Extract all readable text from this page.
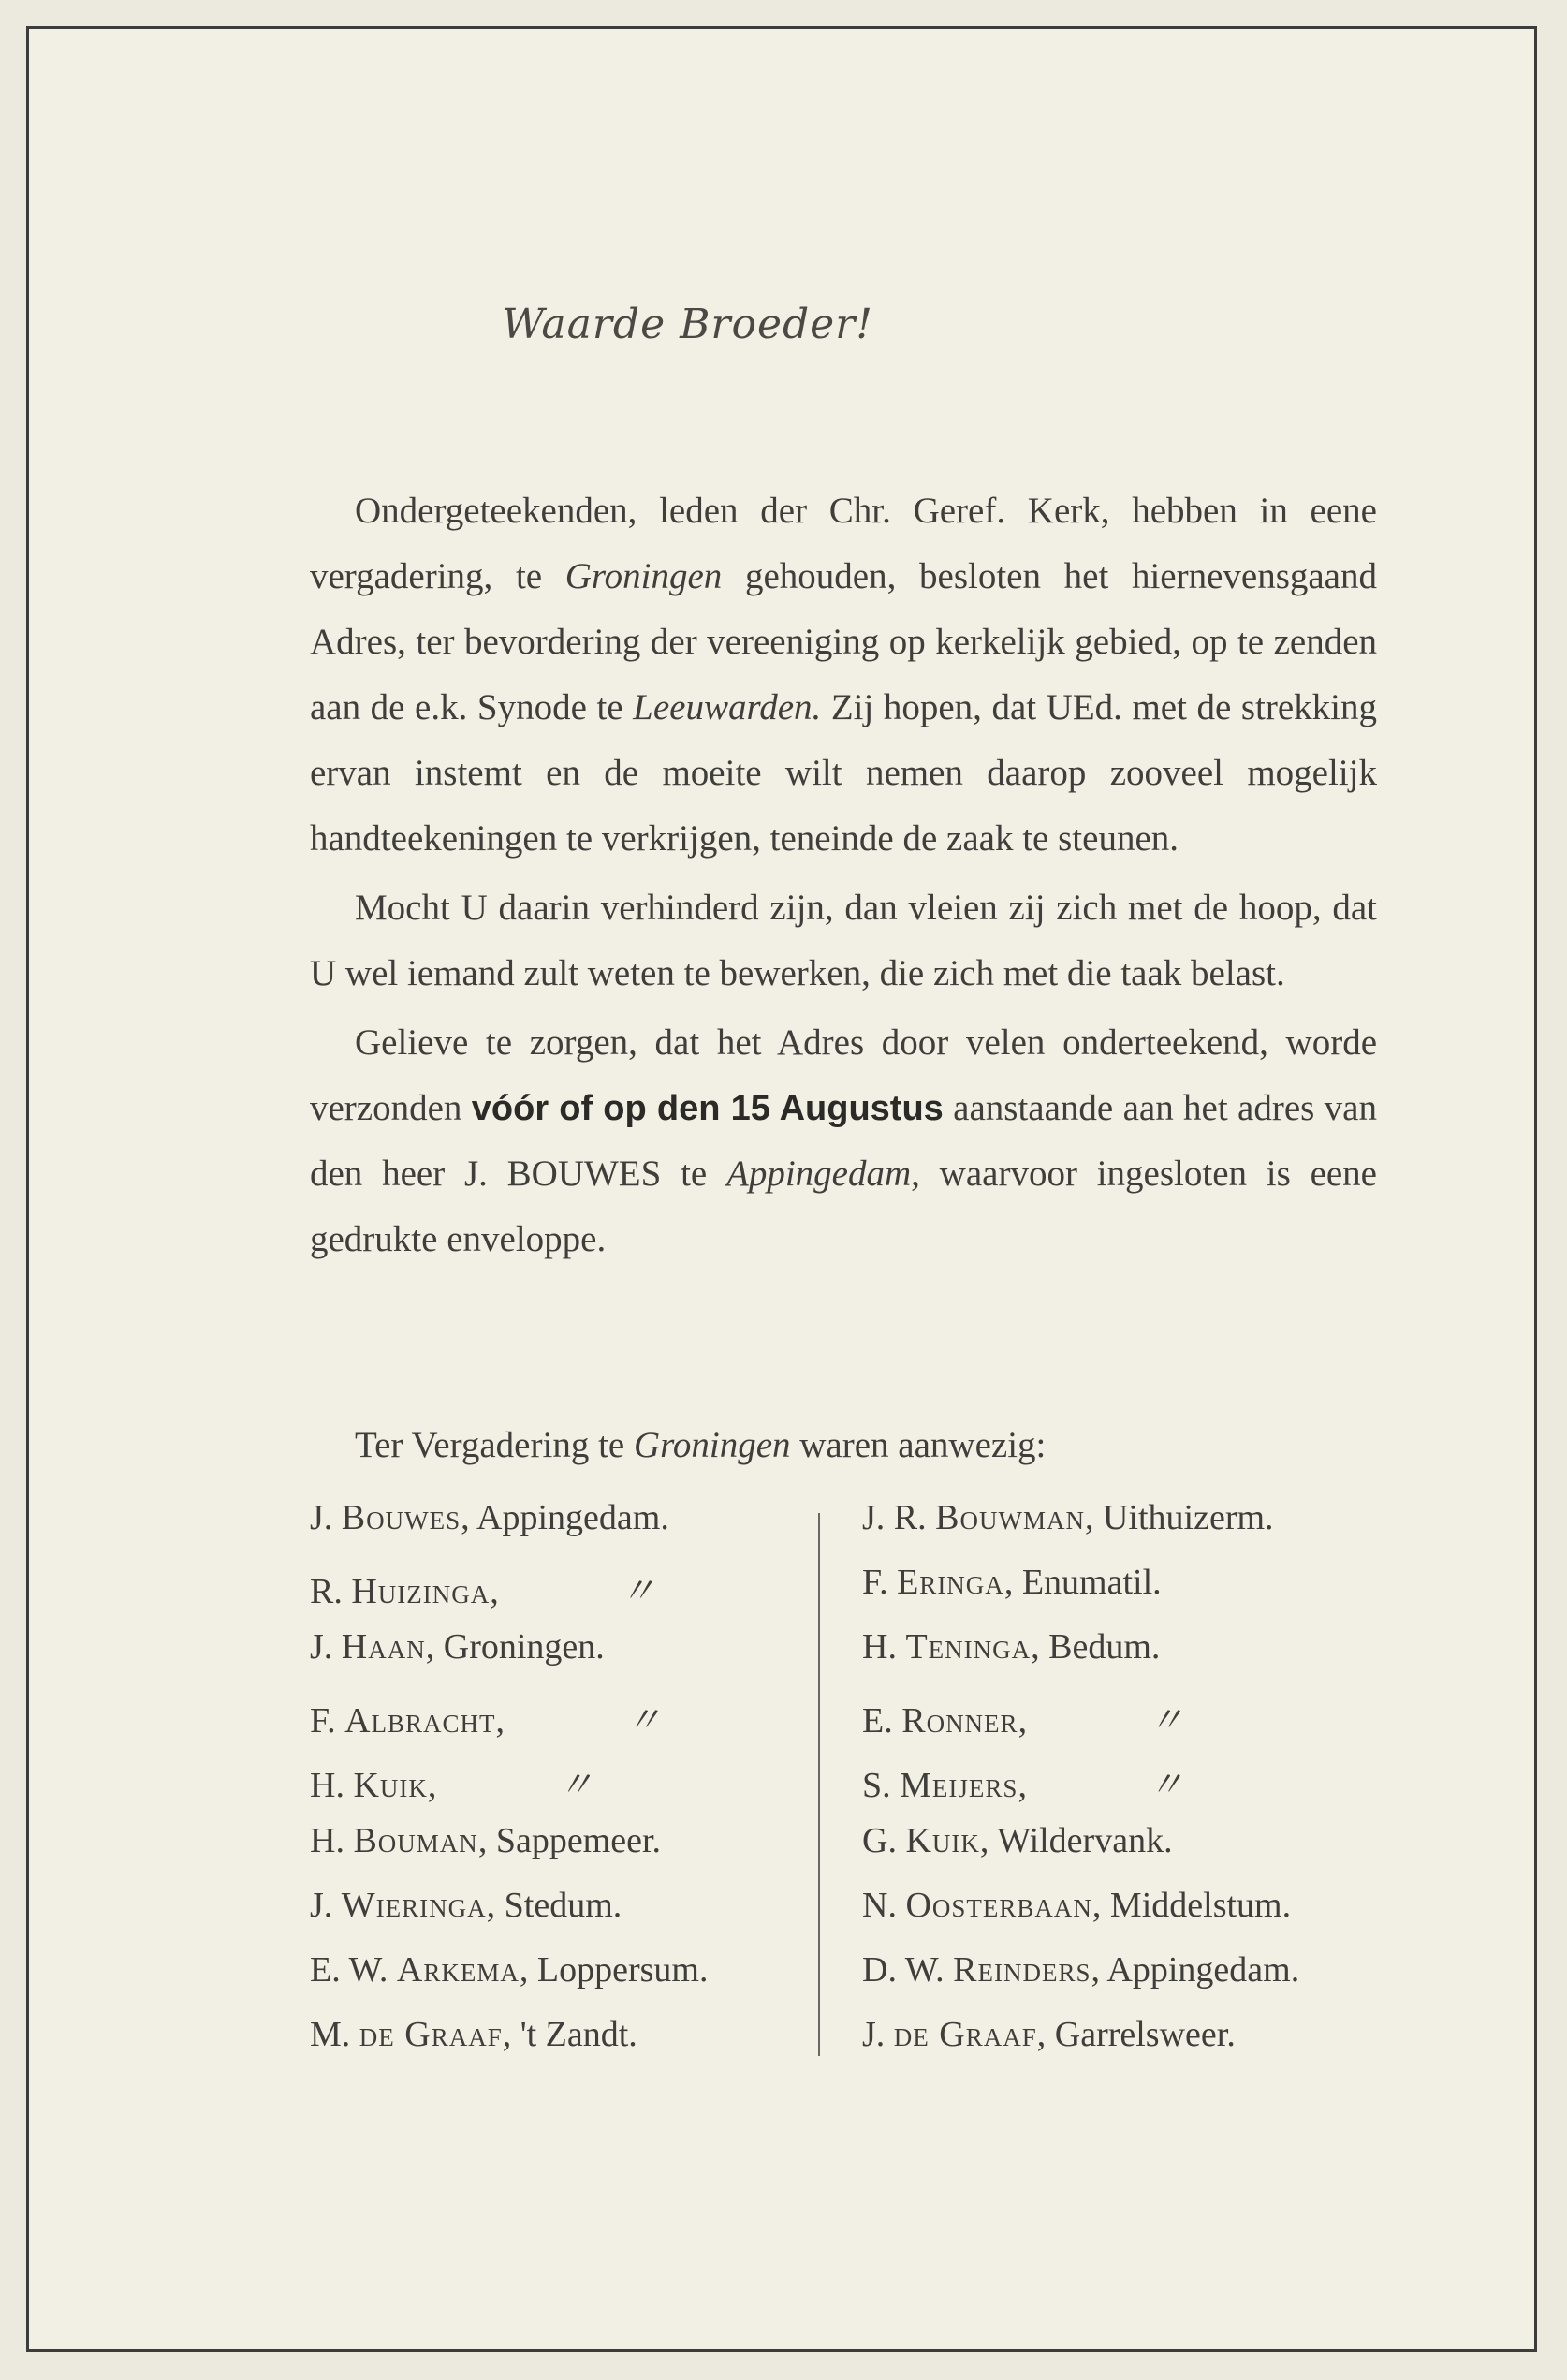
Waarde Broeder!

Ondergeteekenden, leden der Chr. Geref. Kerk, hebben in eene vergadering, te Groningen gehouden, besloten het hiernevensgaand Adres, ter bevordering der vereeniging op kerkelijk gebied, op te zenden aan de e.k. Synode te Leeuwarden. Zij hopen, dat UEd. met de strekking ervan instemt en de moeite wilt nemen daarop zooveel mogelijk handteekeningen te verkrijgen, teneinde de zaak te steunen.

Mocht U daarin verhinderd zijn, dan vleien zij zich met de hoop, dat U wel iemand zult weten te bewerken, die zich met die taak belast.

Gelieve te zorgen, dat het Adres door velen onderteekend, worde verzonden vóór of op den 15 Augustus aanstaande aan het adres van den heer J. BOUWES te Appingedam, waarvoor ingesloten is eene gedrukte enveloppe.

Ter Vergadering te Groningen waren aanwezig:
J. Bouwes, Appingedam.
R. Huizinga,	〃
J. Haan, Groningen.
F. Albracht,	〃
H. Kuik,	〃
H. Bouman, Sappemeer.
J. Wieringa, Stedum.
E. W. Arkema, Loppersum.
M. de Graaf, 't Zandt.
J. R. Bouwman, Uithuizerm.
F. Eringa, Enumatil.
H. Teninga, Bedum.
E. Ronner,	〃
S. Meijers,	〃
G. Kuik, Wildervank.
N. Oosterbaan, Middelstum.
D. W. Reinders, Appingedam.
J. de Graaf, Garrelsweer.
